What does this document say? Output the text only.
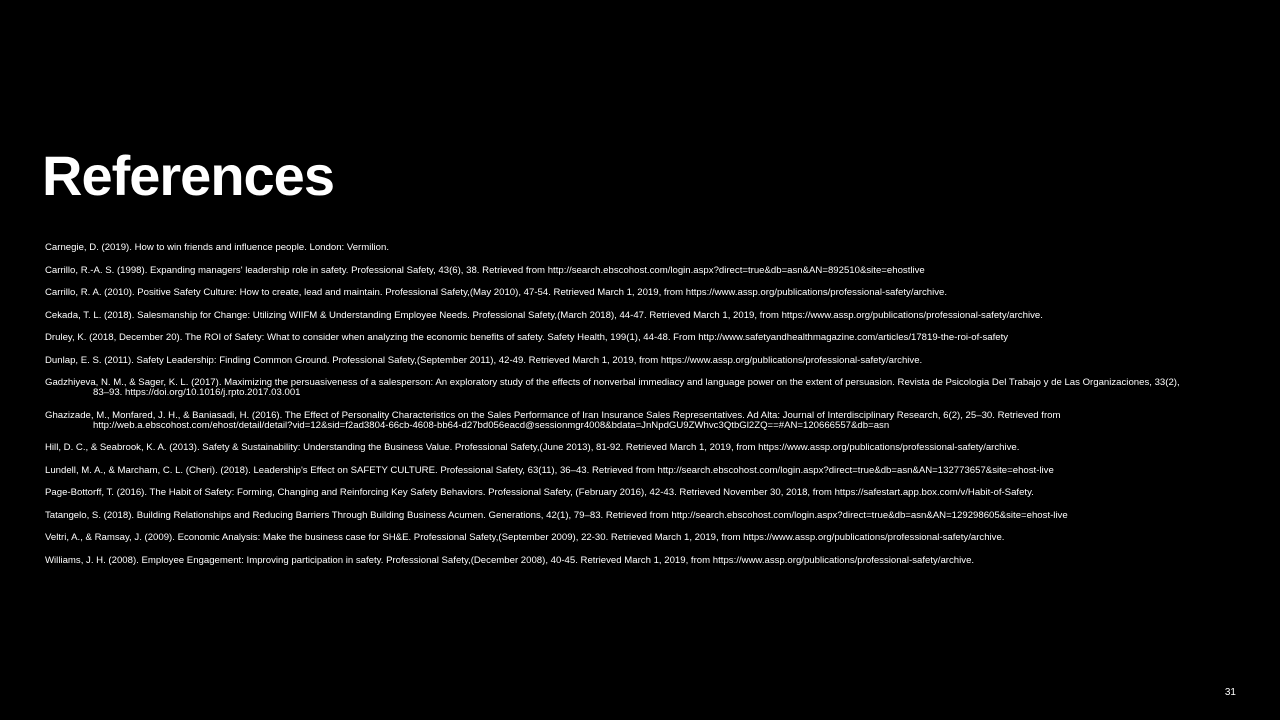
References
Carnegie, D. (2019). How to win friends and influence people. London: Vermilion.
Carrillo, R.-A. S. (1998). Expanding managers' leadership role in safety. Professional Safety, 43(6), 38. Retrieved from http://search.ebscohost.com/login.aspx?direct=true&db=asn&AN=892510&site=ehostlive
Carrillo, R. A. (2010). Positive Safety Culture: How to create, lead and maintain. Professional Safety,(May 2010), 47-54. Retrieved March 1, 2019, from https://www.assp.org/publications/professional-safety/archive.
Cekada, T. L. (2018). Salesmanship for Change: Utilizing WIIFM & Understanding Employee Needs. Professional Safety,(March 2018), 44-47. Retrieved March 1, 2019, from https://www.assp.org/publications/professional-safety/archive.
Druley, K. (2018, December 20). The ROI of Safety: What to consider when analyzing the economic benefits of safety. Safety Health, 199(1), 44-48. From http://www.safetyandhealthmagazine.com/articles/17819-the-roi-of-safety
Dunlap, E. S. (2011). Safety Leadership: Finding Common Ground. Professional Safety,(September 2011), 42-49. Retrieved March 1, 2019, from https://www.assp.org/publications/professional-safety/archive.
Gadzhiyeva, N. M., & Sager, K. L. (2017). Maximizing the persuasiveness of a salesperson: An exploratory study of the effects of nonverbal immediacy and language power on the extent of persuasion. Revista de Psicologia Del Trabajo y de Las Organizaciones, 33(2), 83–93. https://doi.org/10.1016/j.rpto.2017.03.001
Ghazizade, M., Monfared, J. H., & Baniasadi, H. (2016). The Effect of Personality Characteristics on the Sales Performance of Iran Insurance Sales Representatives. Ad Alta: Journal of Interdisciplinary Research, 6(2), 25–30. Retrieved from http://web.a.ebscohost.com/ehost/detail/detail?vid=12&sid=f2ad3804-66cb-4608-bb64-d27bd056eacd@sessionmgr4008&bdata=JnNpdGU9ZWhvc3QtbGl2ZQ==#AN=120666557&db=asn
Hill, D. C., & Seabrook, K. A. (2013). Safety & Sustainability: Understanding the Business Value. Professional Safety,(June 2013), 81-92. Retrieved March 1, 2019, from https://www.assp.org/publications/professional-safety/archive.
Lundell, M. A., & Marcham, C. L. (Cheri). (2018). Leadership's Effect on SAFETY CULTURE. Professional Safety, 63(11), 36–43. Retrieved from http://search.ebscohost.com/login.aspx?direct=true&db=asn&AN=132773657&site=ehost-live
Page-Bottorff, T. (2016). The Habit of Safety: Forming, Changing and Reinforcing Key Safety Behaviors. Professional Safety, (February 2016), 42-43. Retrieved November 30, 2018, from https://safestart.app.box.com/v/Habit-of-Safety.
Tatangelo, S. (2018). Building Relationships and Reducing Barriers Through Building Business Acumen. Generations, 42(1), 79–83. Retrieved from http://search.ebscohost.com/login.aspx?direct=true&db=asn&AN=129298605&site=ehost-live
Veltri, A., & Ramsay, J. (2009). Economic Analysis: Make the business case for SH&E. Professional Safety,(September 2009), 22-30. Retrieved March 1, 2019, from https://www.assp.org/publications/professional-safety/archive.
Williams, J. H. (2008). Employee Engagement: Improving participation in safety. Professional Safety,(December 2008), 40-45. Retrieved March 1, 2019, from https://www.assp.org/publications/professional-safety/archive.
31
